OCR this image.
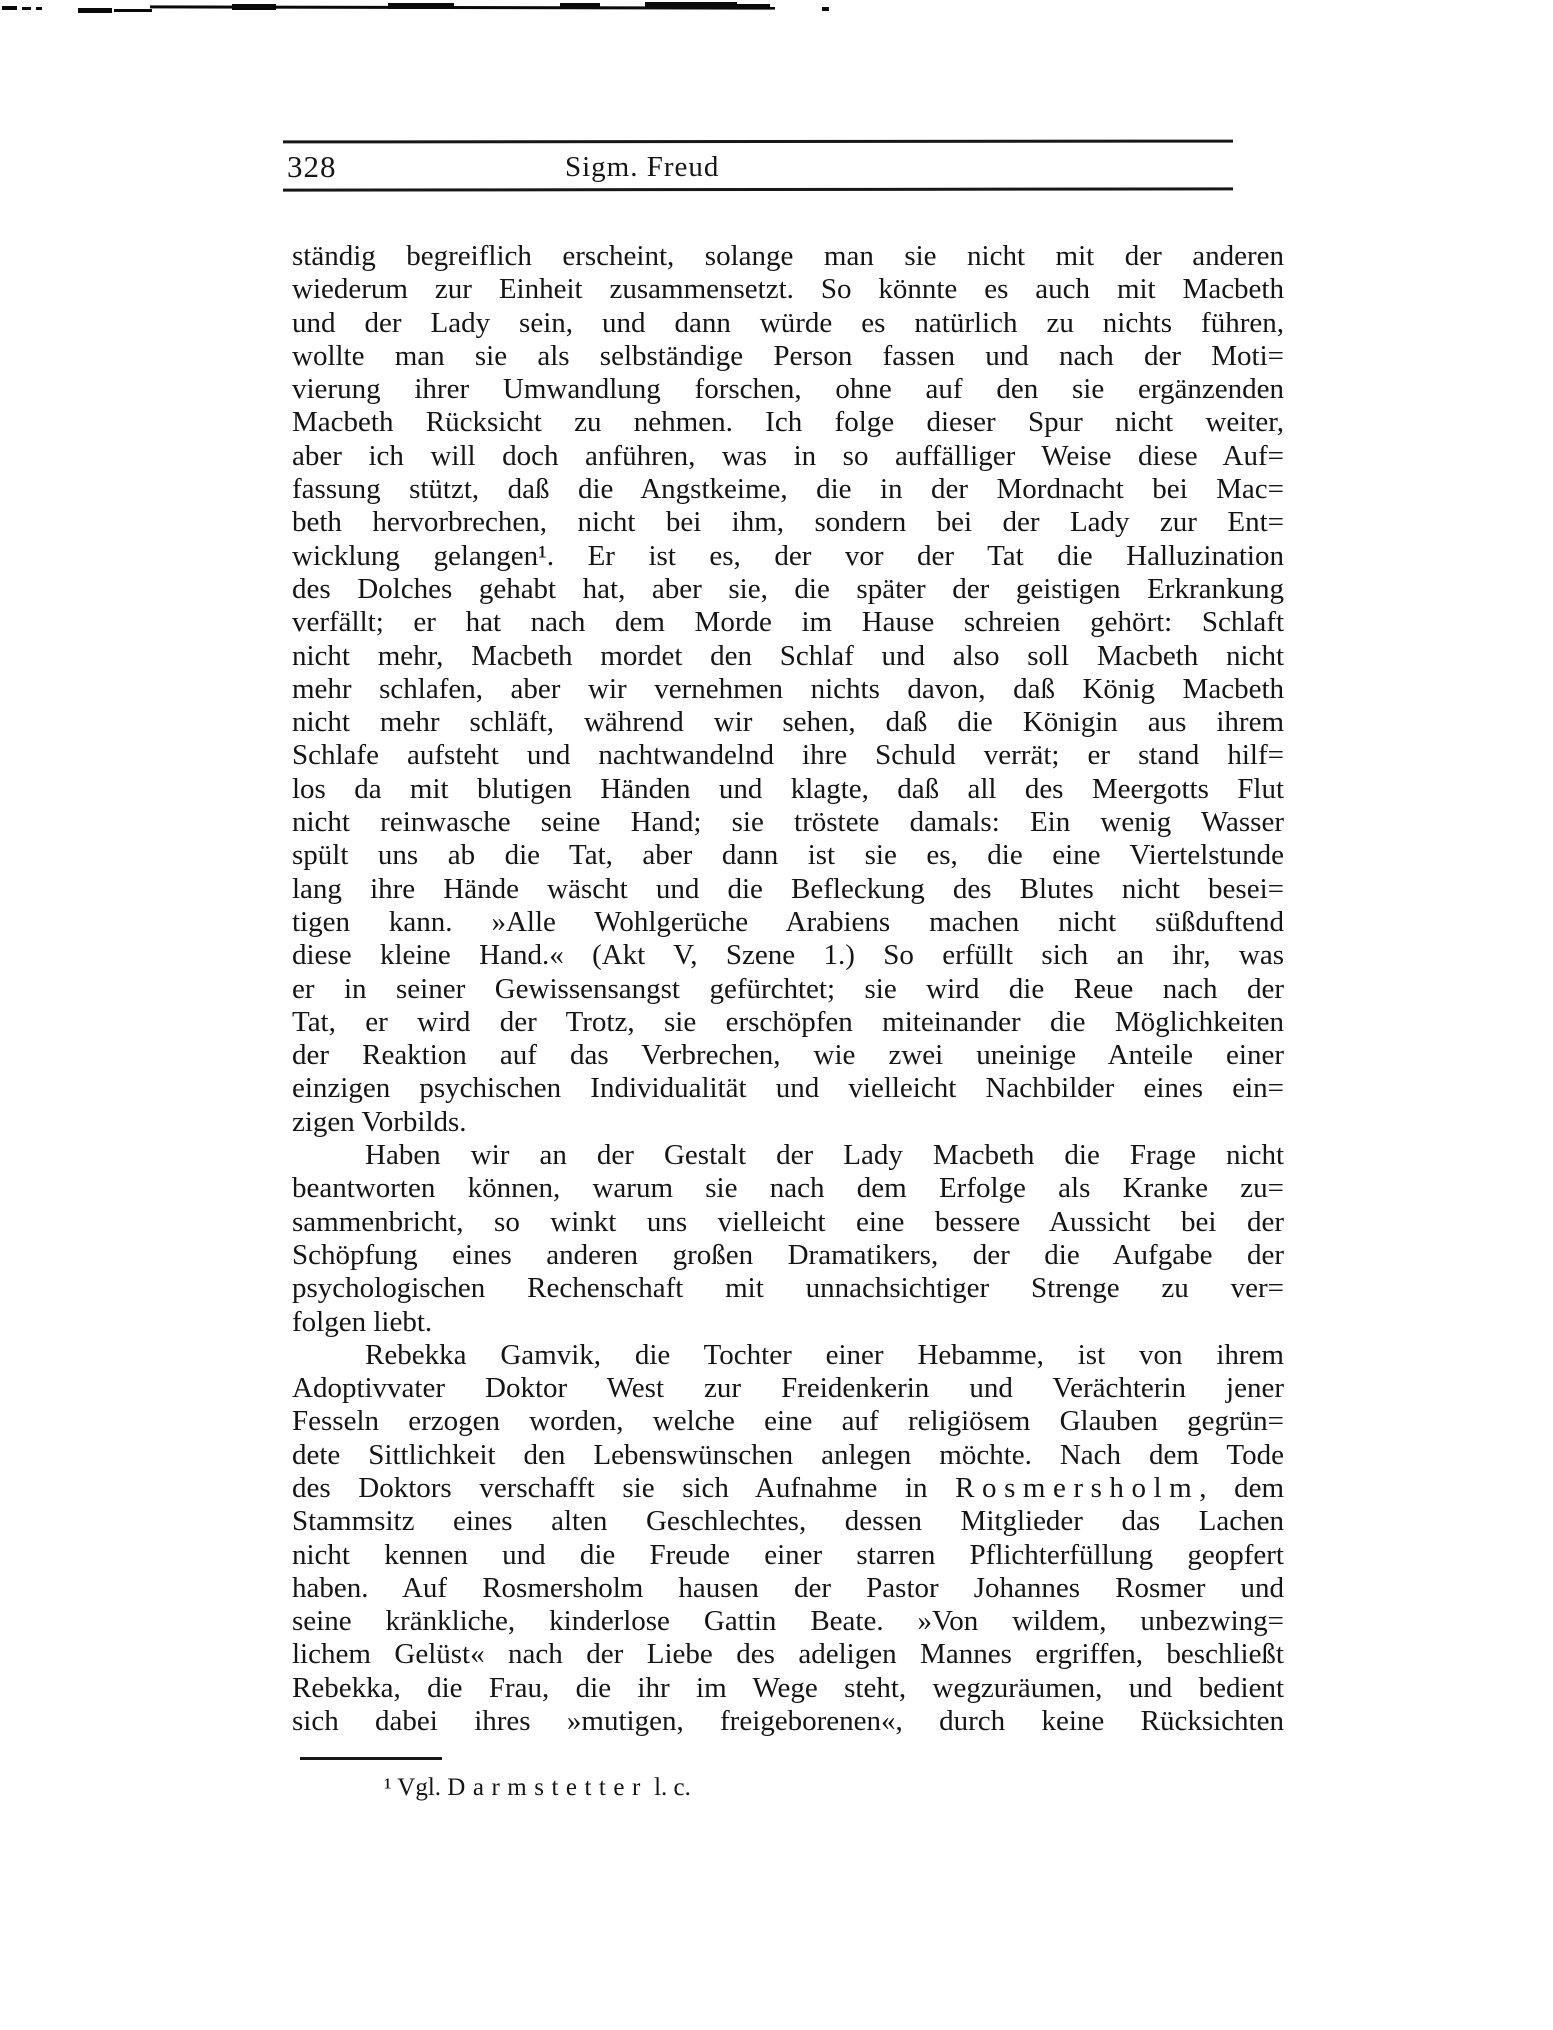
328	Sigm. Freud
ständig begreiflich erscheint, solange man sie nicht mit der anderen
wiederum zur Einheit zusammensetzt. So könnte es auch mit Macbeth
und der Lady sein, und dann würde es natürlich zu nichts führen,
wollte man sie als selbständige Person fassen und nach der Moti=
vierung ihrer Umwandlung forschen, ohne auf den sie ergänzenden
Macbeth Rücksicht zu nehmen. Ich folge dieser Spur nicht weiter,
aber ich will doch anführen, was in so auffälliger Weise diese Auf=
fassung stützt, daß die Angstkeime, die in der Mordnacht bei Mac=
beth hervorbrechen, nicht bei ihm, sondern bei der Lady zur Ent=
wicklung gelangen¹. Er ist es, der vor der Tat die Halluzination
des Dolches gehabt hat, aber sie, die später der geistigen Erkrankung
verfällt; er hat nach dem Morde im Hause schreien gehört: Schlaft
nicht mehr, Macbeth mordet den Schlaf und also soll Macbeth nicht
mehr schlafen, aber wir vernehmen nichts davon, daß König Macbeth
nicht mehr schläft, während wir sehen, daß die Königin aus ihrem
Schlafe aufsteht und nachtwandelnd ihre Schuld verrät; er stand hilf=
los da mit blutigen Händen und klagte, daß all des Meergotts Flut
nicht reinwasche seine Hand; sie tröstete damals: Ein wenig Wasser
spült uns ab die Tat, aber dann ist sie es, die eine Viertelstunde
lang ihre Hände wäscht und die Befleckung des Blutes nicht besei=
tigen kann. »Alle Wohlgerüche Arabiens machen nicht süßduftend
diese kleine Hand.« (Akt V, Szene 1.) So erfüllt sich an ihr, was
er in seiner Gewissensangst gefürchtet; sie wird die Reue nach der
Tat, er wird der Trotz, sie erschöpfen miteinander die Möglichkeiten
der Reaktion auf das Verbrechen, wie zwei uneinige Anteile einer
einzigen psychischen Individualität und vielleicht Nachbilder eines ein=
zigen Vorbilds.
Haben wir an der Gestalt der Lady Macbeth die Frage nicht
beantworten können, warum sie nach dem Erfolge als Kranke zu=
sammenbricht, so winkt uns vielleicht eine bessere Aussicht bei der
Schöpfung eines anderen großen Dramatikers, der die Aufgabe der
psychologischen Rechenschaft mit unnachsichtiger Strenge zu ver=
folgen liebt.
Rebekka Gamvik, die Tochter einer Hebamme, ist von ihrem
Adoptivvater Doktor West zur Freidenkerin und Verächterin jener
Fesseln erzogen worden, welche eine auf religiösem Glauben gegrün=
dete Sittlichkeit den Lebenswünschen anlegen möchte. Nach dem Tode
des Doktors verschafft sie sich Aufnahme in Rosmersholm, dem
Stammsitz eines alten Geschlechtes, dessen Mitglieder das Lachen
nicht kennen und die Freude einer starren Pflichterfüllung geopfert
haben. Auf Rosmersholm hausen der Pastor Johannes Rosmer und
seine kränkliche, kinderlose Gattin Beate. »Von wildem, unbezwing=
lichem Gelüst« nach der Liebe des adeligen Mannes ergriffen, beschließt
Rebekka, die Frau, die ihr im Wege steht, wegzuräumen, und bedient
sich dabei ihres »mutigen, freigeborenen«, durch keine Rücksichten
¹ Vgl. Darmstetter l. c.
